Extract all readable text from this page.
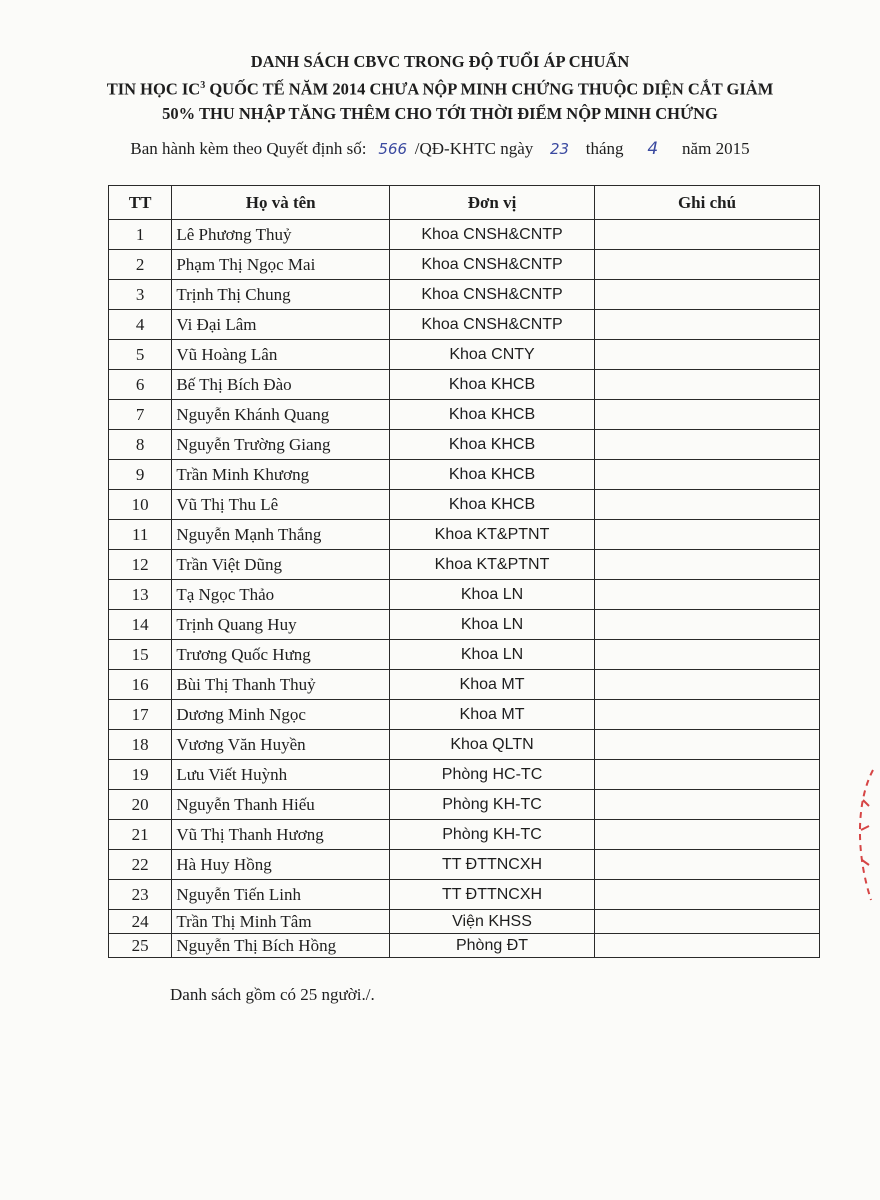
DANH SÁCH CBVC TRONG ĐỘ TUỔI ÁP CHUẨN
TIN HỌC $IC^3$ QUỐC TẾ NĂM 2014 CHƯA NỘP MINH CHỨNG THUỘC DIỆN CẮT GIẢM
50% THU NHẬP TĂNG THÊM CHO TỚI THỜI ĐIỂM NỘP MINH CHỨNG
Ban hành kèm theo Quyết định số: 566 /QĐ-KHTC ngày 23 tháng 4 năm 2015
TT	Họ và tên	Đơn vị	Ghi chú
1	Lê Phương Thuỷ	Khoa CNSH&CNTP	
2	Phạm Thị Ngọc Mai	Khoa CNSH&CNTP	
3	Trịnh Thị Chung	Khoa CNSH&CNTP	
4	Vi Đại Lâm	Khoa CNSH&CNTP	
5	Vũ Hoàng Lân	Khoa CNTY	
6	Bế Thị Bích Đào	Khoa KHCB	
7	Nguyễn Khánh Quang	Khoa KHCB	
8	Nguyễn Trường Giang	Khoa KHCB	
9	Trần Minh Khương	Khoa KHCB	
10	Vũ Thị Thu Lê	Khoa KHCB	
11	Nguyễn Mạnh Thắng	Khoa KT&PTNT	
12	Trần Việt Dũng	Khoa KT&PTNT	
13	Tạ Ngọc Thảo	Khoa LN	
14	Trịnh Quang Huy	Khoa LN	
15	Trương Quốc Hưng	Khoa LN	
16	Bùi Thị Thanh Thuỷ	Khoa MT	
17	Dương Minh Ngọc	Khoa MT	
18	Vương Văn Huyền	Khoa QLTN	
19	Lưu Viết Huỳnh	Phòng HC-TC	
20	Nguyễn Thanh Hiếu	Phòng KH-TC	
21	Vũ Thị Thanh Hương	Phòng KH-TC	
22	Hà Huy Hồng	TT ĐTTNCXH	
23	Nguyễn Tiến Linh	TT ĐTTNCXH	
24	Trần Thị Minh Tâm	Viện KHSS	
25	Nguyễn Thị Bích Hồng	Phòng ĐT	
Danh sách gồm có 25 người./.
